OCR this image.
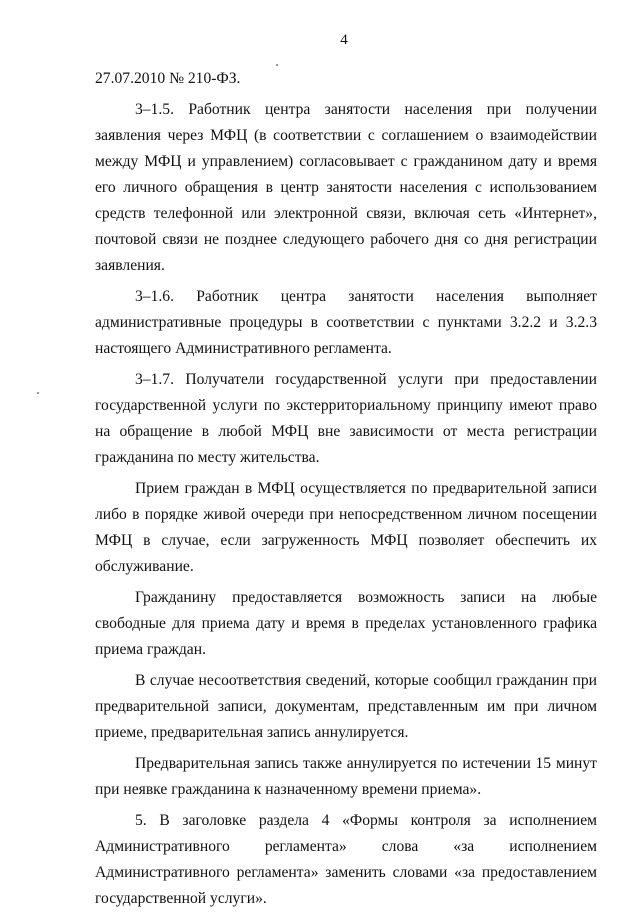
4

27.07.2010 № 210-ФЗ.

3–1.5. Работник центра занятости населения при получении заявления через МФЦ (в соответствии с соглашением о взаимодействии между МФЦ и управлением) согласовывает с гражданином дату и время его личного обращения в центр занятости населения с использованием средств телефонной или электронной связи, включая сеть «Интернет», почтовой связи не позднее следующего рабочего дня со дня регистрации заявления.

3–1.6. Работник центра занятости населения выполняет административные процедуры в соответствии с пунктами 3.2.2 и 3.2.3 настоящего Административного регламента.

3–1.7. Получатели государственной услуги при предоставлении государственной услуги по экстерриториальному принципу имеют право на обращение в любой МФЦ вне зависимости от места регистрации гражданина по месту жительства.

Прием граждан в МФЦ осуществляется по предварительной записи либо в порядке живой очереди при непосредственном личном посещении МФЦ в случае, если загруженность МФЦ позволяет обеспечить их обслуживание.

Гражданину предоставляется возможность записи на любые свободные для приема дату и время в пределах установленного графика приема граждан.

В случае несоответствия сведений, которые сообщил гражданин при предварительной записи, документам, представленным им при личном приеме, предварительная запись аннулируется.

Предварительная запись также аннулируется по истечении 15 минут при неявке гражданина к назначенному времени приема».

5. В заголовке раздела 4 «Формы контроля за исполнением Административного регламента» слова «за исполнением Административного регламента» заменить словами «за предоставлением государственной услуги».
